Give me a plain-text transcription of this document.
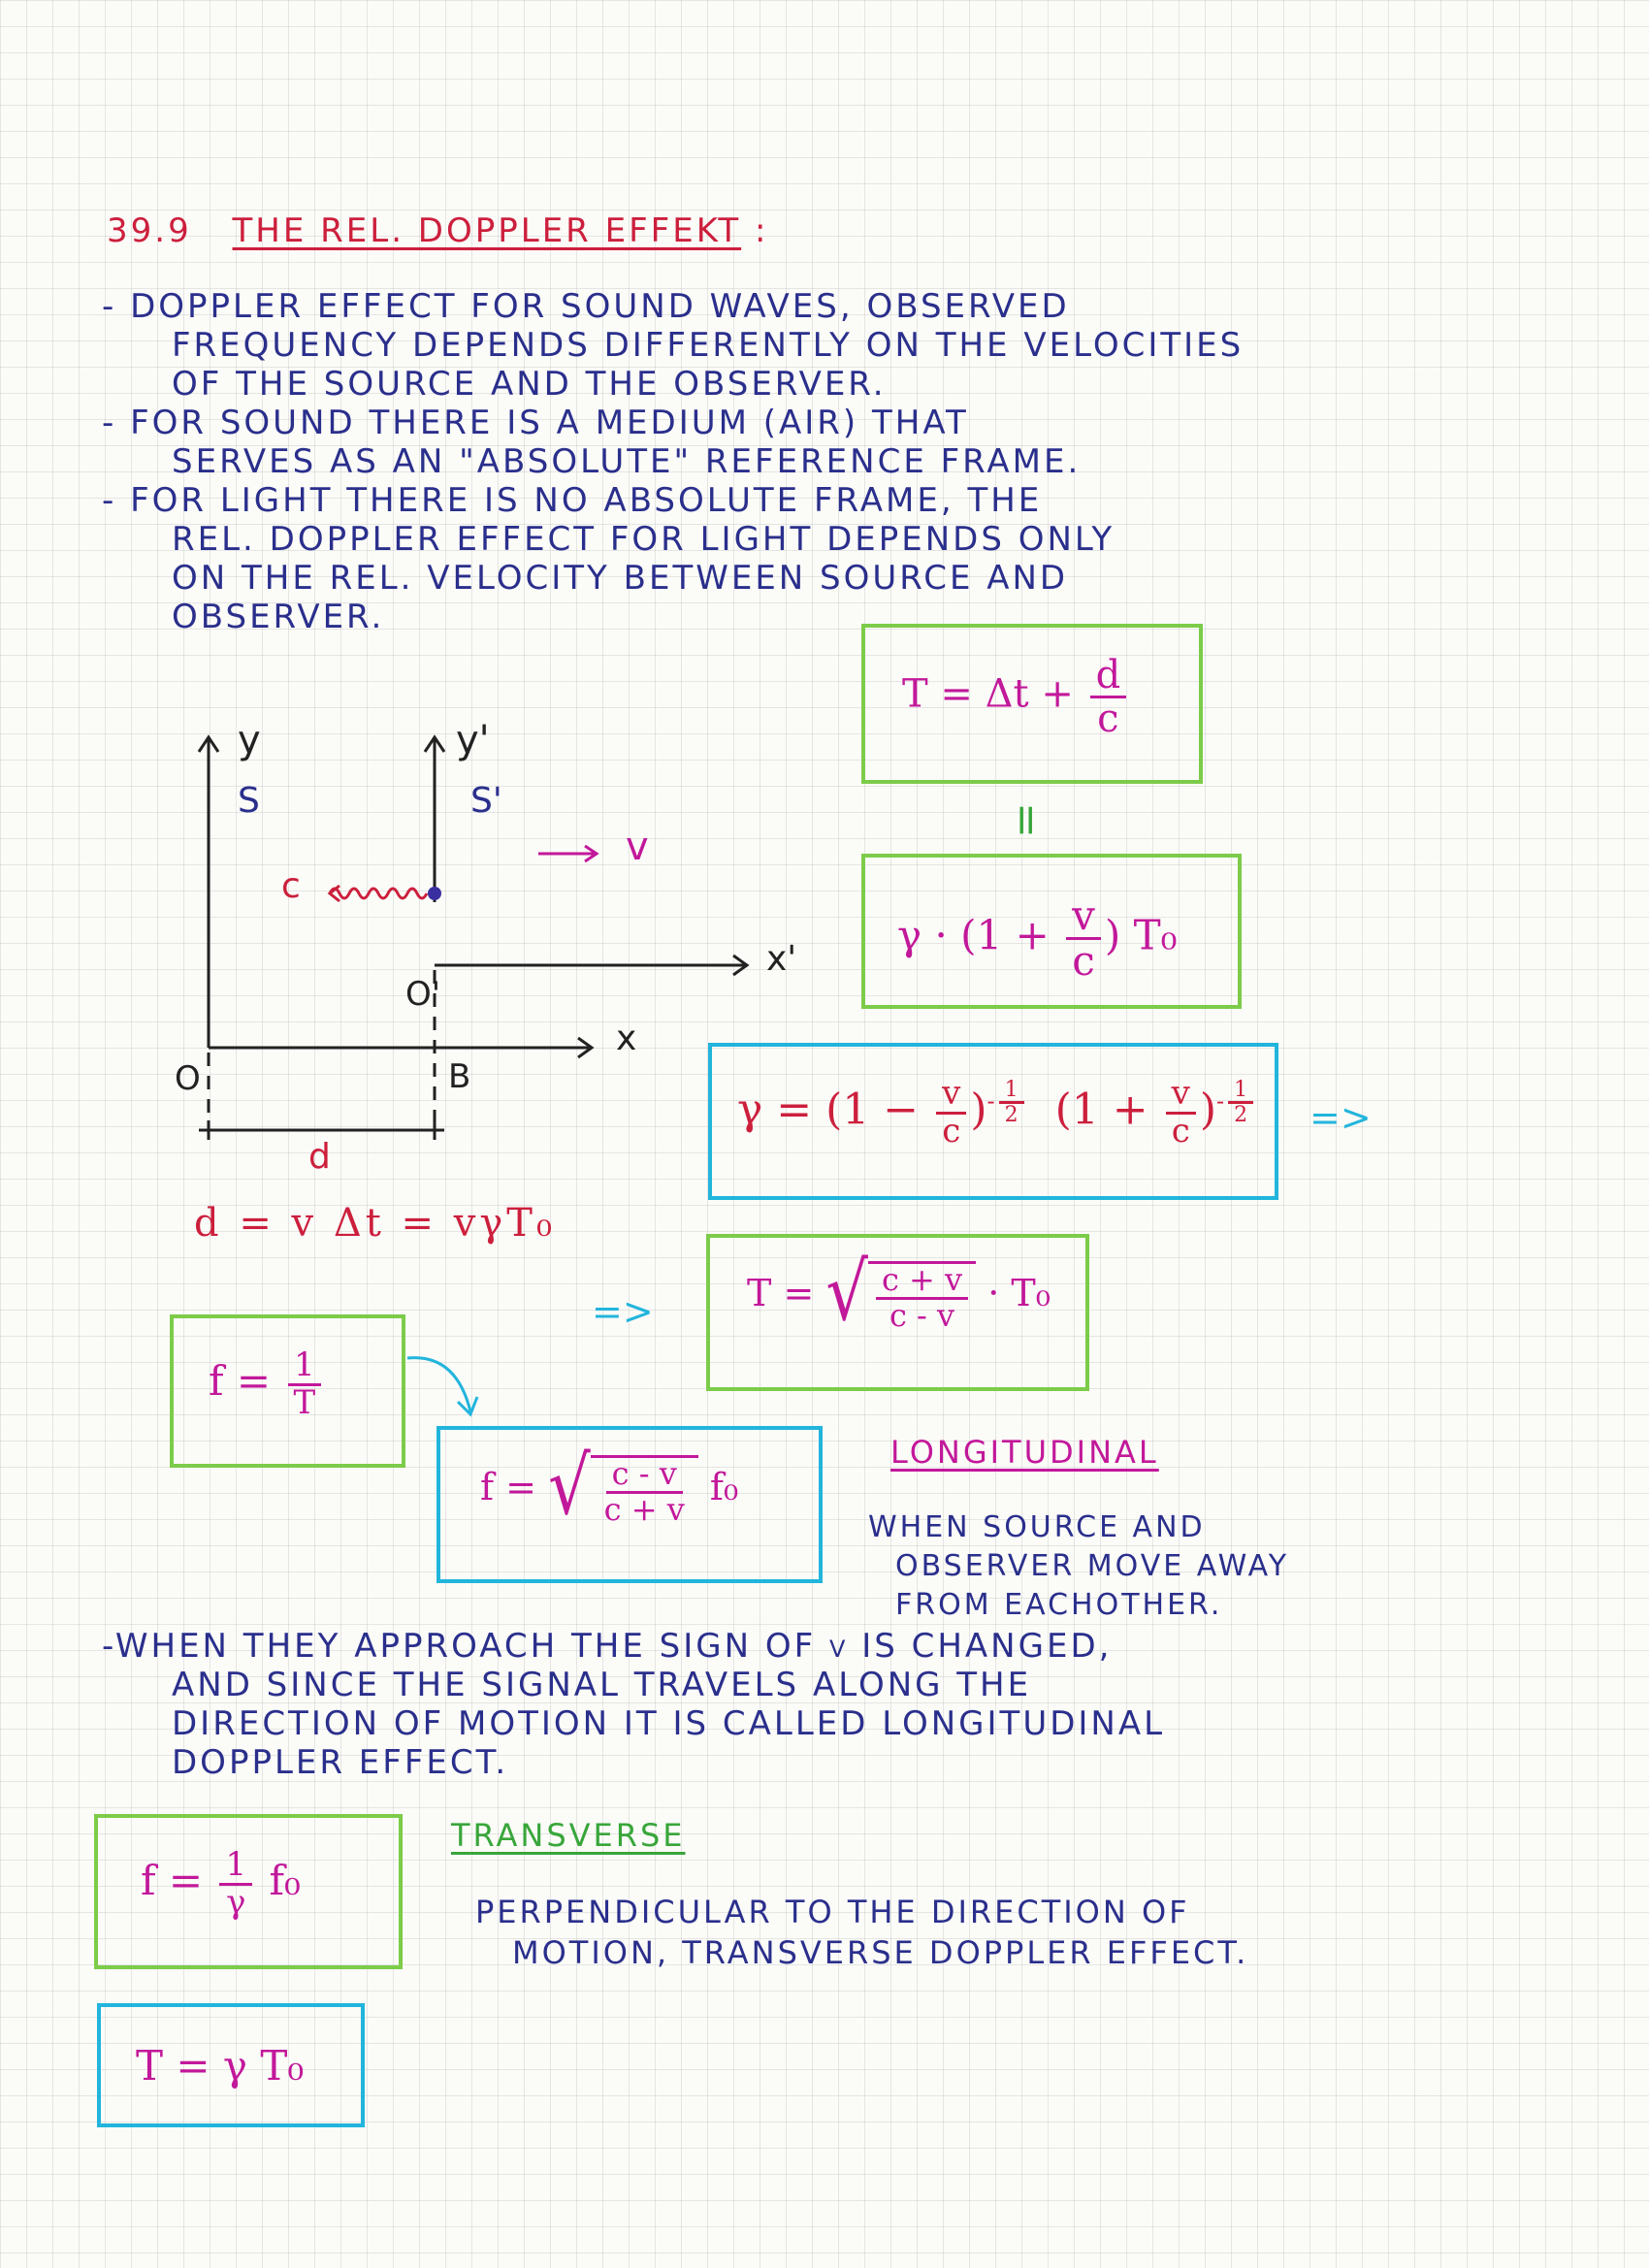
39.9 THE REL. DOPPLER EFFEKT :
- DOPPLER EFFECT FOR SOUND WAVES, OBSERVED
FREQUENCY DEPENDS DIFFERENTLY ON THE VELOCITIES
OF THE SOURCE AND THE OBSERVER.
- FOR SOUND THERE IS A MEDIUM (AIR) THAT
SERVES AS AN "ABSOLUTE" REFERENCE FRAME.
- FOR LIGHT THERE IS NO ABSOLUTE FRAME, THE
REL. DOPPLER EFFECT FOR LIGHT DEPENDS ONLY
ON THE REL. VELOCITY BETWEEN SOURCE AND
OBSERVER.
y	y'
S	S'
v
c
x'
O'
x
O	B
d
d = v Δt = vγT₀
$T = \Delta t + \frac{d}{c}$
=
$\gamma \cdot (1 + \frac{v}{c}$ ) T₀
$\gamma = (1 - \frac{v}{c} )^{- \frac{1}{2}}$ $(1 + \frac{v}{c} )^{- \frac{1}{2}}$ =>
=>	T = √ $\frac{c + v}{c - v} \cdot T_0$
$f = \frac{1}{T}$
f = √ $\frac{c - v}{c + v} f_0$
LONGITUDINAL
WHEN SOURCE AND
OBSERVER MOVE AWAY
FROM EACHOTHER.
-WHEN THEY APPROACH THE SIGN OF v IS CHANGED,
AND SINCE THE SIGNAL TRAVELS ALONG THE
DIRECTION OF MOTION IT IS CALLED LONGITUDINAL
DOPPLER EFFECT.
$f = \frac{1}{\gamma} f_0$
T = γ T₀
TRANSVERSE
PERPENDICULAR TO THE DIRECTION OF
MOTION, TRANSVERSE DOPPLER EFFECT.
